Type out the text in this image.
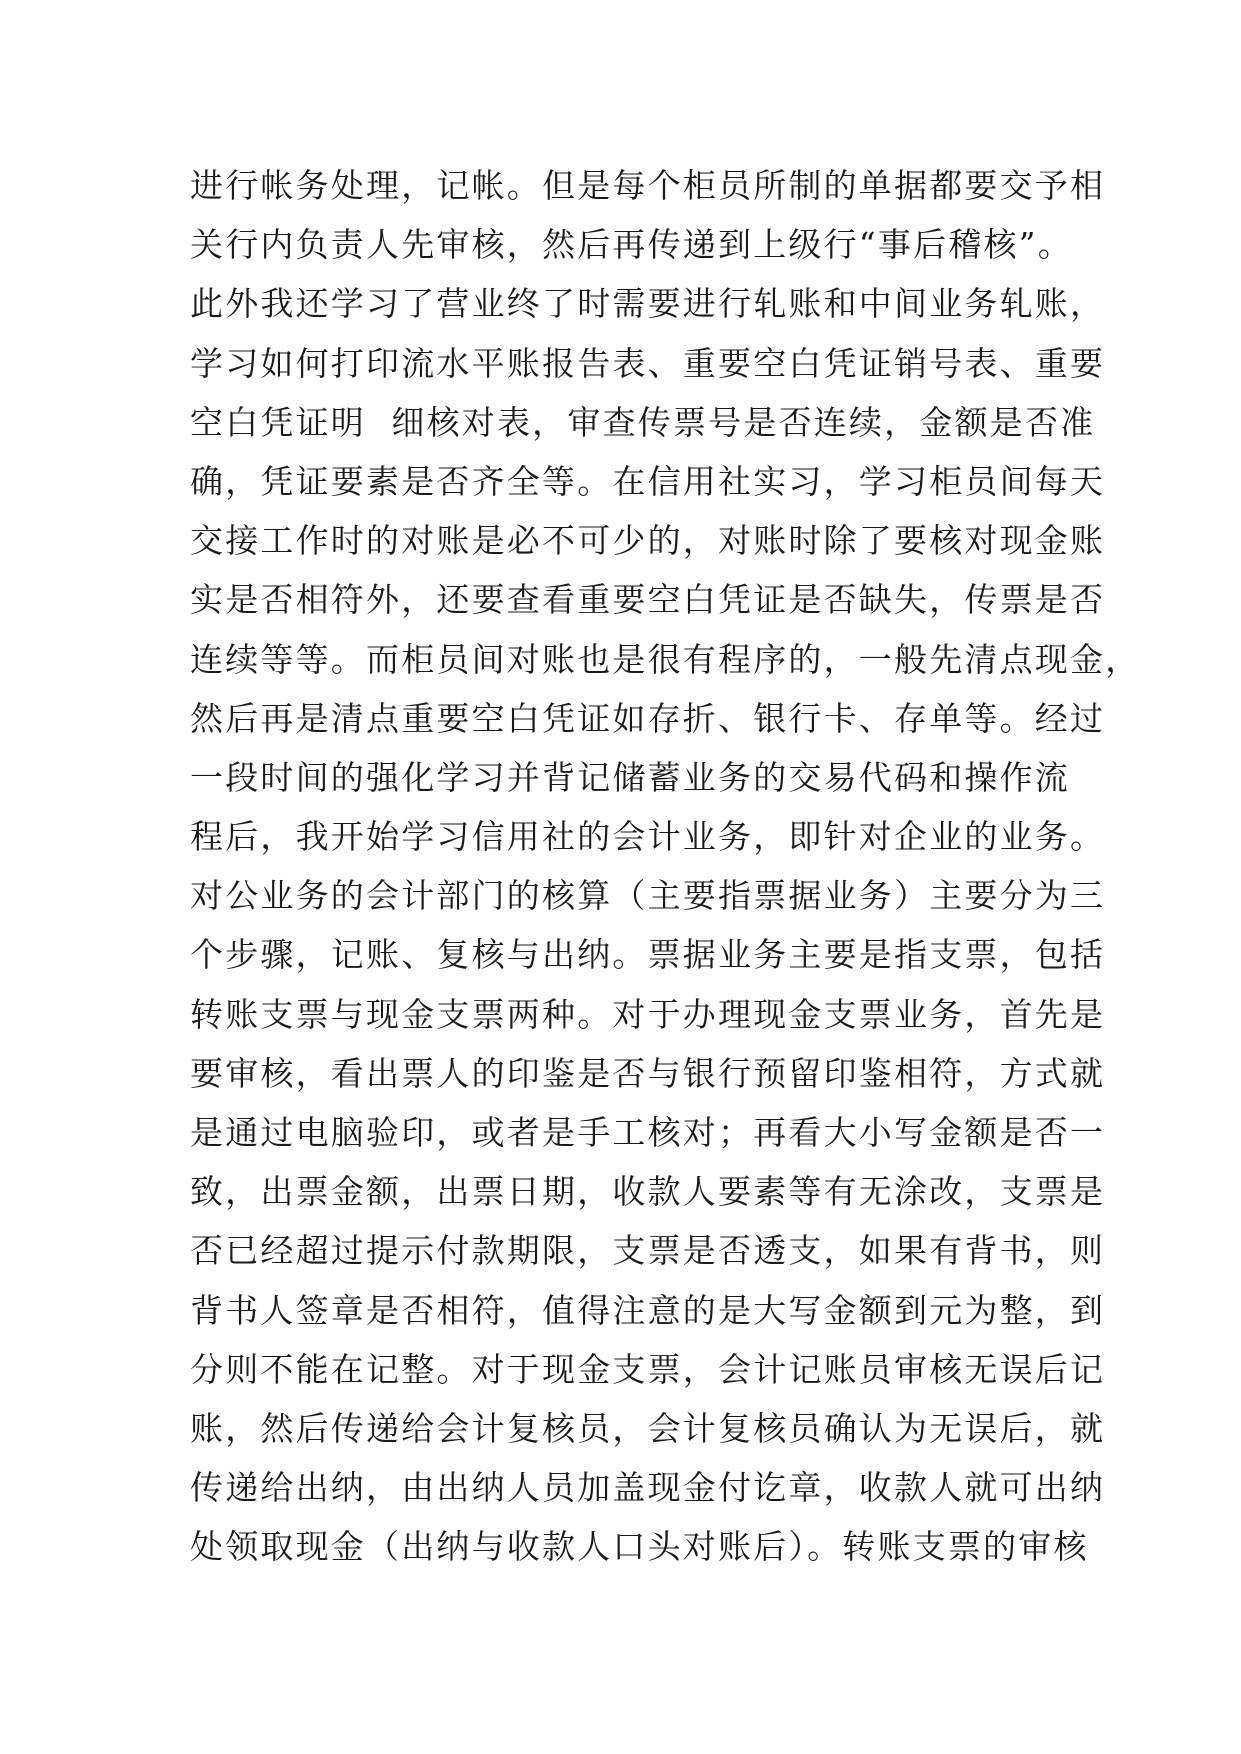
进行帐务处理，记帐。但是每个柜员所制的单据都要交予相
关行内负责人先审核，然后再传递到上级行“事后稽核”。
此外我还学习了营业终了时需要进行轧账和中间业务轧账，
学习如何打印流水平账报告表、重要空白凭证销号表、重要
空白凭证明  细核对表，审查传票号是否连续，金额是否准
确，凭证要素是否齐全等。在信用社实习，学习柜员间每天
交接工作时的对账是必不可少的，对账时除了要核对现金账
实是否相符外，还要查看重要空白凭证是否缺失，传票是否
连续等等。而柜员间对账也是很有程序的，一般先清点现金，
然后再是清点重要空白凭证如存折、银行卡、存单等。经过
一段时间的强化学习并背记储蓄业务的交易代码和操作流
程后，我开始学习信用社的会计业务，即针对企业的业务。
对公业务的会计部门的核算（主要指票据业务）主要分为三
个步骤，记账、复核与出纳。票据业务主要是指支票，包括
转账支票与现金支票两种。对于办理现金支票业务，首先是
要审核，看出票人的印鉴是否与银行预留印鉴相符，方式就
是通过电脑验印，或者是手工核对；再看大小写金额是否一
致，出票金额，出票日期，收款人要素等有无涂改，支票是
否已经超过提示付款期限，支票是否透支，如果有背书，则
背书人签章是否相符，值得注意的是大写金额到元为整，到
分则不能在记整。对于现金支票，会计记账员审核无误后记
账，然后传递给会计复核员，会计复核员确认为无误后，就
传递给出纳，由出纳人员加盖现金付讫章，收款人就可出纳
处领取现金（出纳与收款人口头对账后）。转账支票的审核
